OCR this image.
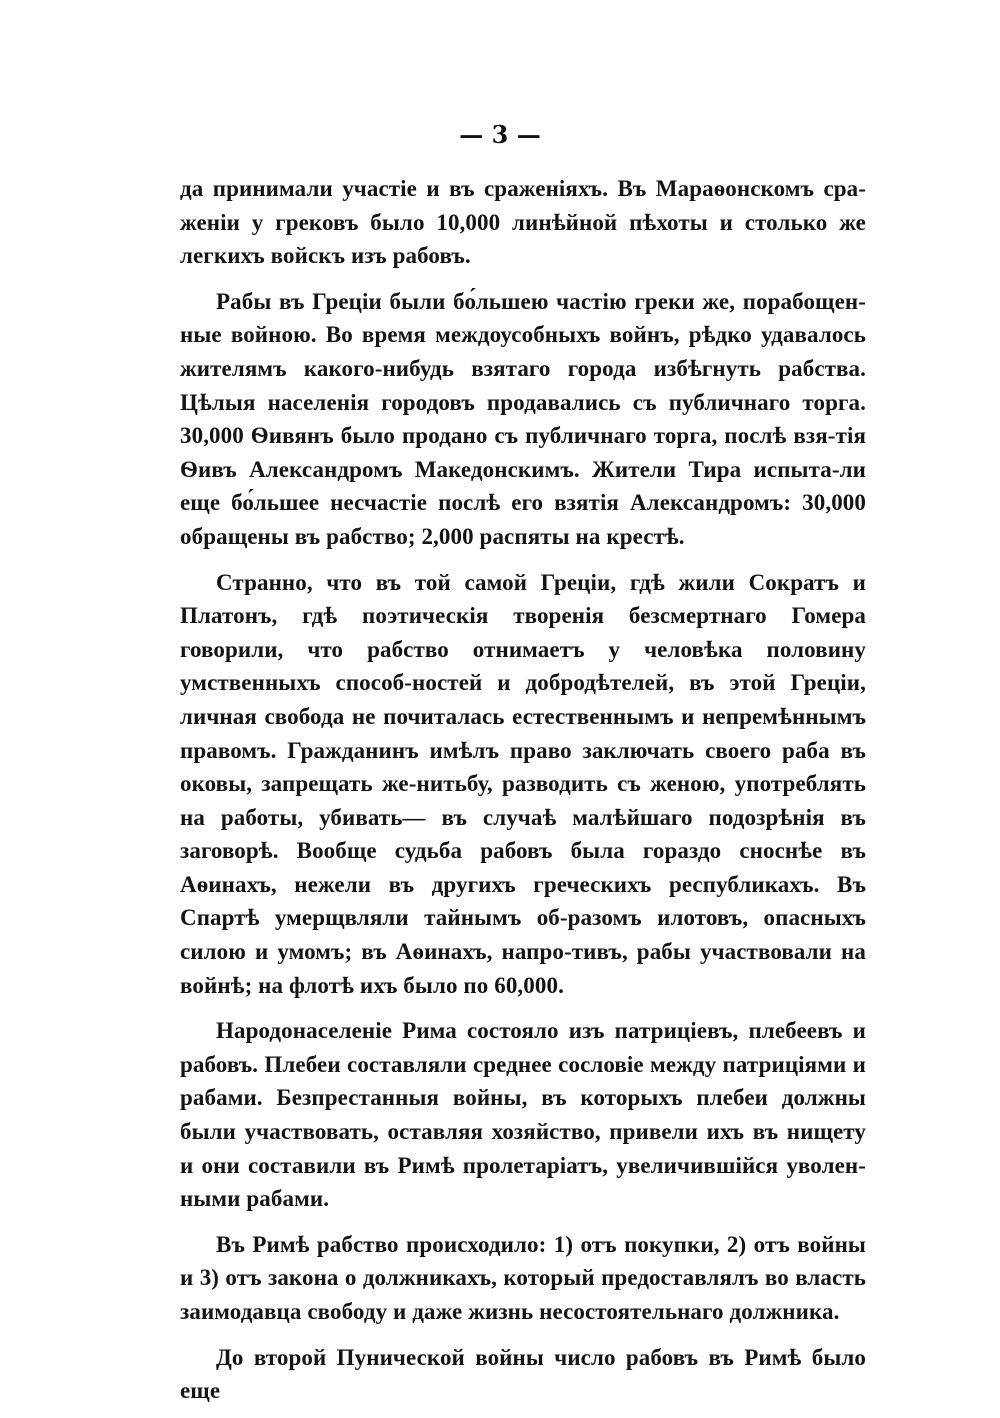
— 3 —

да принимали участіе и въ сраженіяхъ. Въ Мараѳонскомъ сра-женіи у грековъ было 10,000 линѣйной пѣхоты и столько же легкихъ войскъ изъ рабовъ.

Рабы въ Греціи были бо́льшею частію греки же, порабощен-ные войною. Во время междоусобныхъ войнъ, рѣдко удавалось жителямъ какого-нибудь взятаго города избѣгнуть рабства. Цѣлыя населенія городовъ продавались съ публичнаго торга. 30,000 Ѳивянъ было продано съ публичнаго торга, послѣ взя-тія Ѳивъ Александромъ Македонскимъ. Жители Тира испыта-ли еще бо́льшее несчастіе послѣ его взятія Александромъ: 30,000 обращены въ рабство; 2,000 распяты на крестѣ.

Странно, что въ той самой Греціи, гдѣ жили Сократъ и Платонъ, гдѣ поэтическія творенія безсмертнаго Гомера говорили, что рабство отнимаетъ у человѣка половину умственныхъ способ-ностей и добродѣтелей, въ этой Греціи, личная свобода не почиталась естественнымъ и непремѣннымъ правомъ. Гражданинъ имѣлъ право заключать своего раба въ оковы, запрещать же-нитьбу, разводить съ женою, употреблять на работы, убивать— въ случаѣ малѣйшаго подозрѣнія въ заговорѣ. Вообще судьба рабовъ была гораздо сноснѣе въ Аѳинахъ, нежели въ другихъ греческихъ республикахъ. Въ Спартѣ умерщвляли тайнымъ об-разомъ илотовъ, опасныхъ силою и умомъ; въ Аѳинахъ, напро-тивъ, рабы участвовали на войнѣ; на флотѣ ихъ было по 60,000.

Народонаселеніе Рима состояло изъ патриціевъ, плебеевъ и рабовъ. Плебеи составляли среднее сословіе между патриціями и рабами. Безпрестанныя войны, въ которыхъ плебеи должны были участвовать, оставляя хозяйство, привели ихъ въ нищету и они составили въ Римѣ пролетаріатъ, увеличившійся уволен-ными рабами.

Въ Римѣ рабство происходило: 1) отъ покупки, 2) отъ войны и 3) отъ закона о должникахъ, который предоставлялъ во власть заимодавца свободу и даже жизнь несостоятельнаго должника.

До второй Пунической войны число рабовъ въ Римѣ было еще
